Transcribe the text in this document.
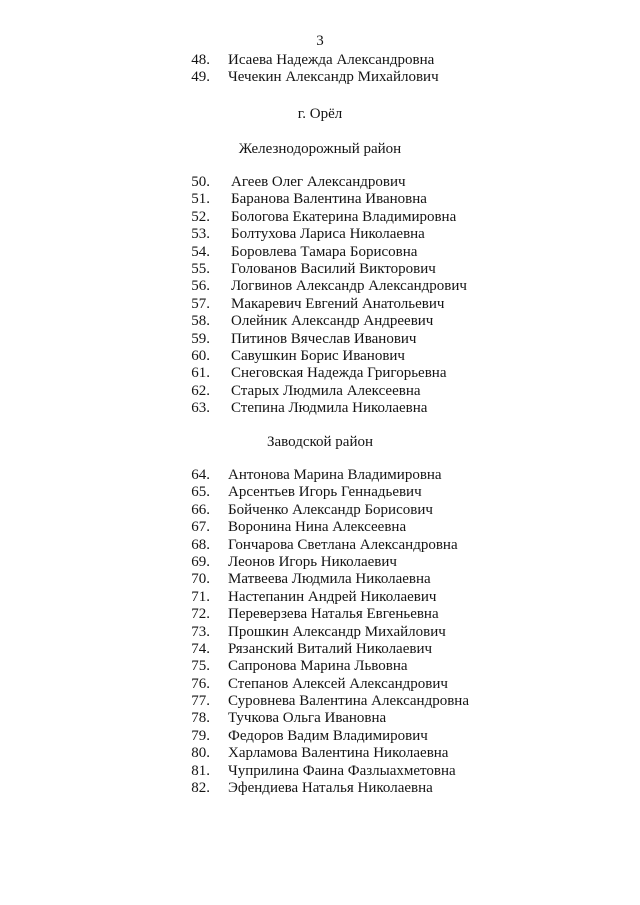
3
48. Исаева Надежда Александровна
49. Чечекин Александр Михайлович
г. Орёл
Железнодорожный район
50. Агеев Олег Александрович
51. Баранова Валентина Ивановна
52. Бологова Екатерина Владимировна
53. Болтухова Лариса Николаевна
54. Боровлева Тамара Борисовна
55. Голованов Василий Викторович
56. Логвинов Александр Александрович
57. Макаревич Евгений Анатольевич
58. Олейник Александр Андреевич
59. Питинов Вячеслав Иванович
60. Савушкин Борис Иванович
61. Снеговская Надежда Григорьевна
62. Старых Людмила Алексеевна
63. Степина Людмила Николаевна
Заводской район
64. Антонова Марина Владимировна
65. Арсентьев Игорь Геннадьевич
66. Бойченко Александр Борисович
67. Воронина Нина Алексеевна
68. Гончарова Светлана Александровна
69. Леонов Игорь Николаевич
70. Матвеева Людмила Николаевна
71. Настепанин Андрей Николаевич
72. Переверзева Наталья Евгеньевна
73. Прошкин Александр Михайлович
74. Рязанский Виталий Николаевич
75. Сапронова Марина Львовна
76. Степанов Алексей Александрович
77. Суровнева Валентина Александровна
78. Тучкова Ольга Ивановна
79. Федоров Вадим Владимирович
80. Харламова Валентина Николаевна
81. Чуприлина Фаина Фазлыахметовна
82. Эфендиева Наталья Николаевна
